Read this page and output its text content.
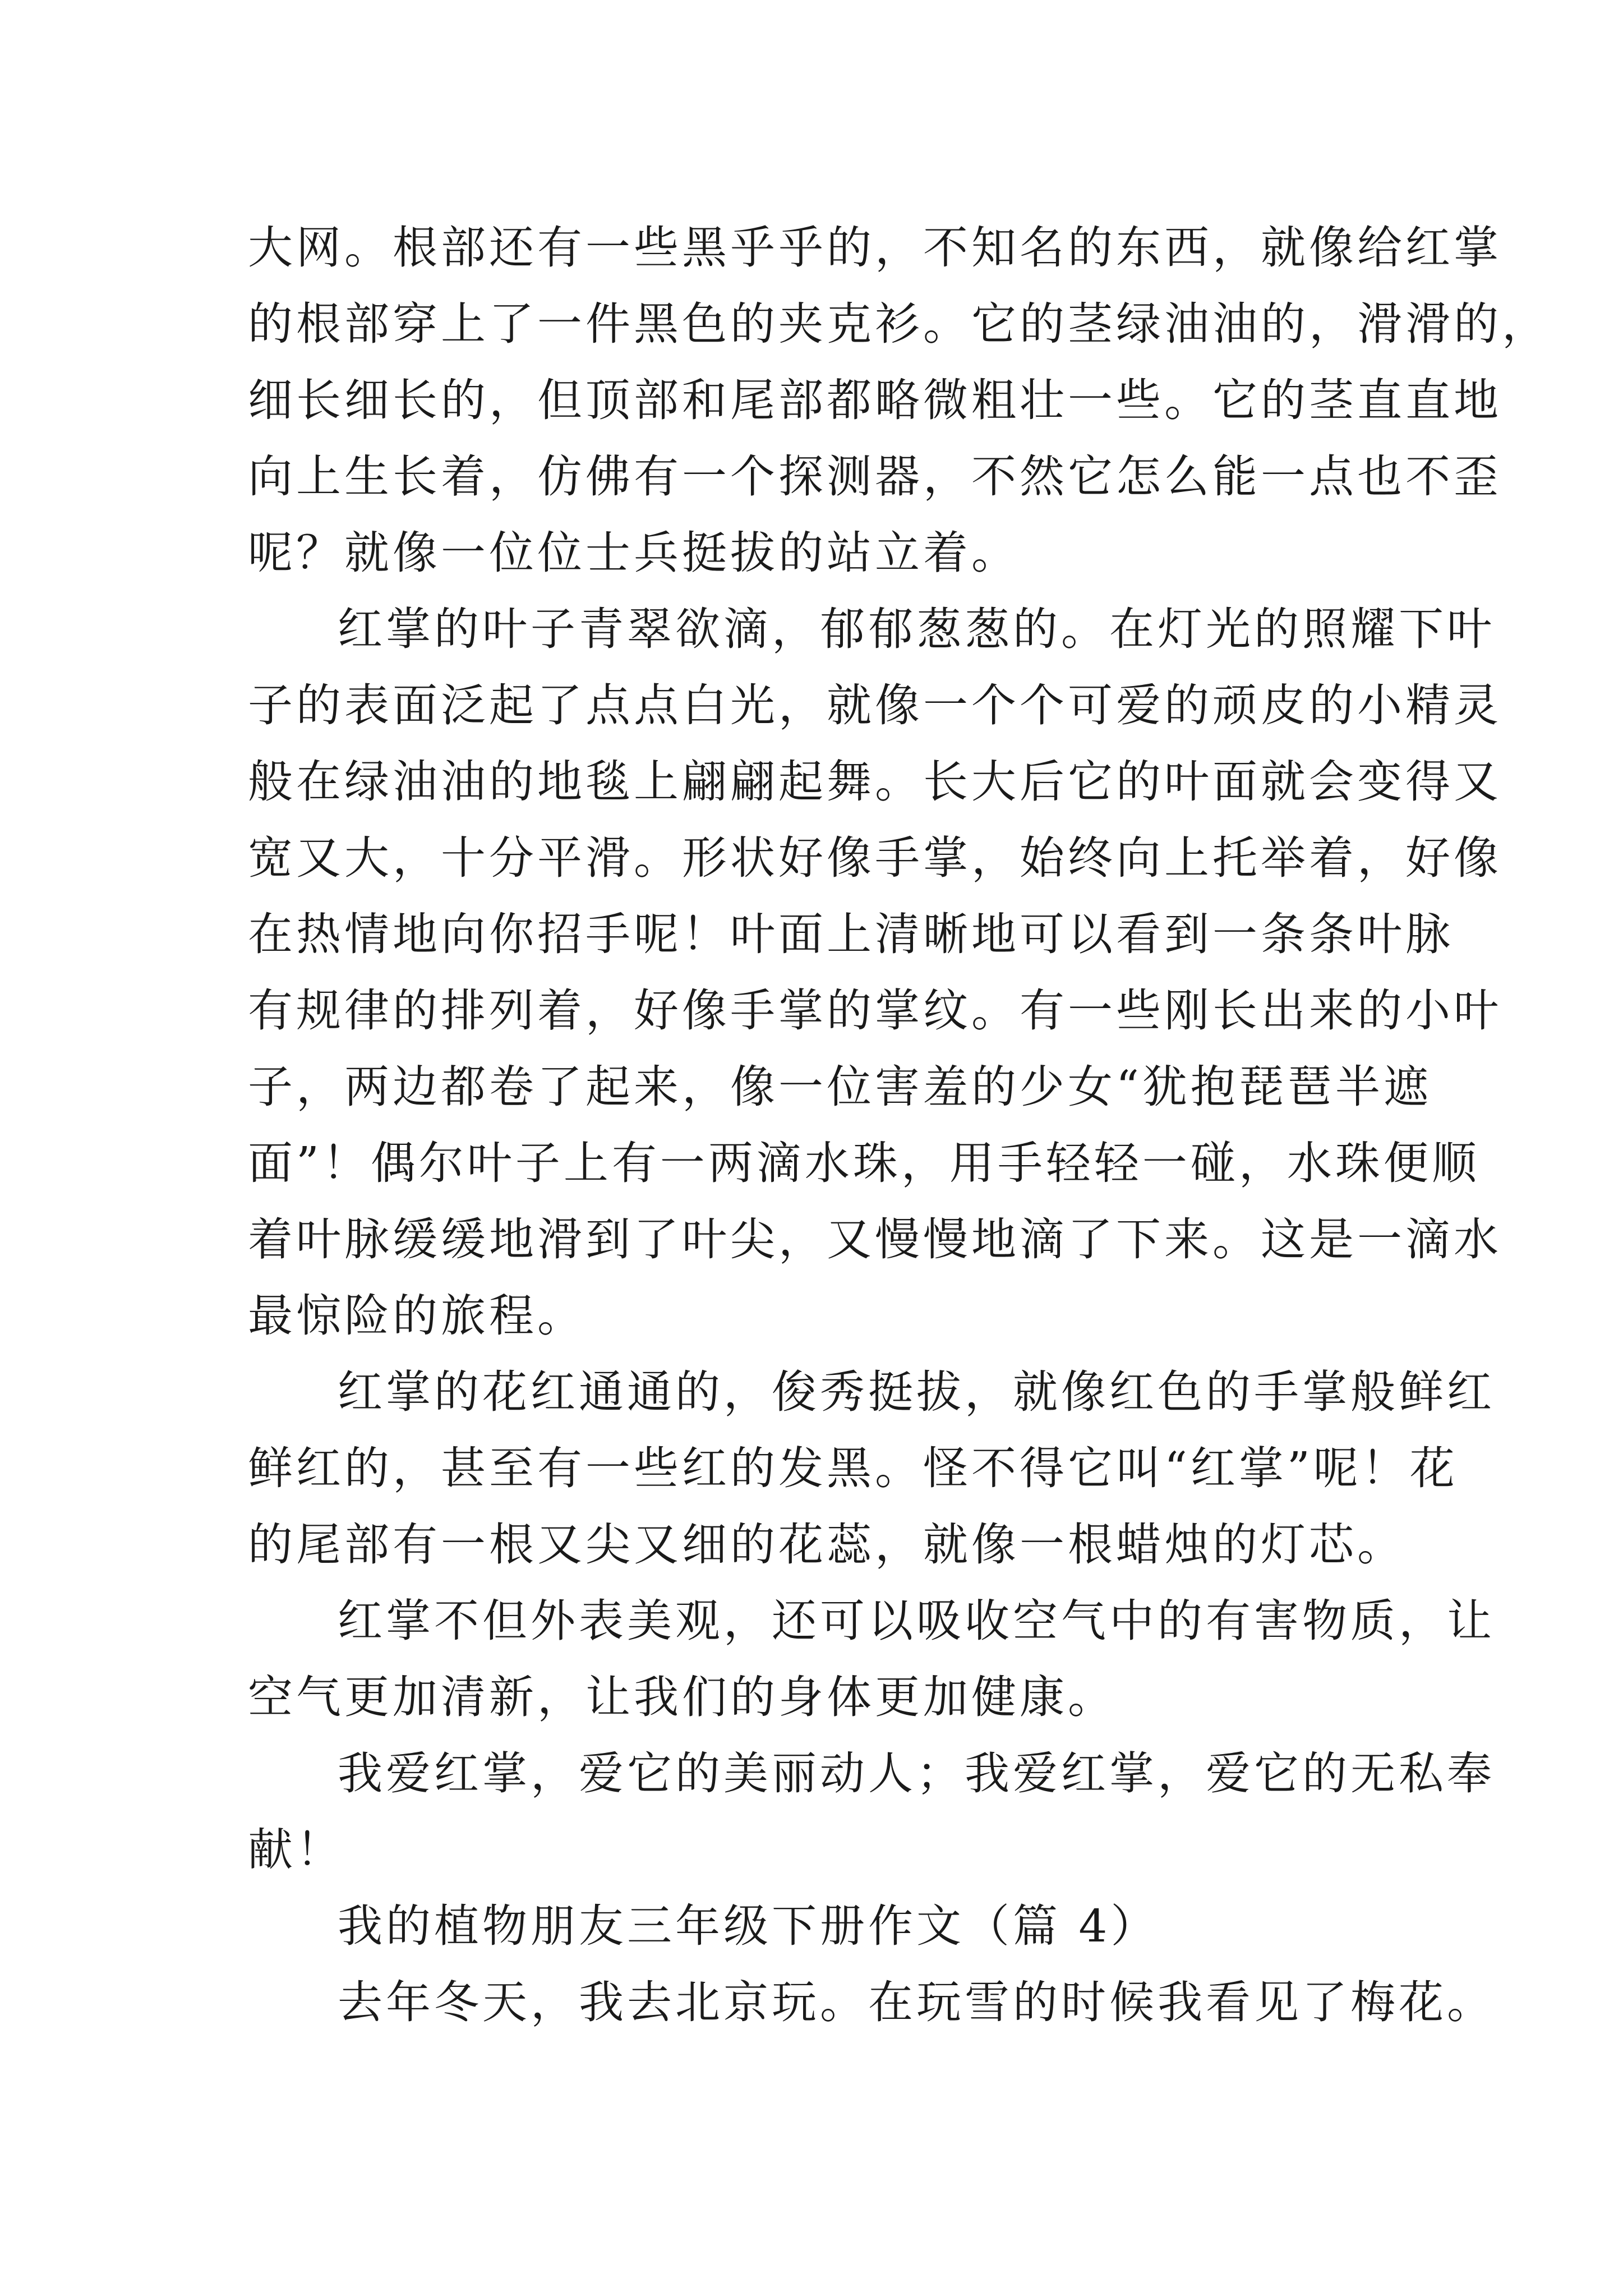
大网。根部还有一些黑乎乎的，不知名的东西，就像给红掌
的根部穿上了一件黑色的夹克衫。它的茎绿油油的，滑滑的，
细长细长的，但顶部和尾部都略微粗壮一些。它的茎直直地
向上生长着，仿佛有一个探测器，不然它怎么能一点也不歪
呢？就像一位位士兵挺拔的站立着。
红掌的叶子青翠欲滴，郁郁葱葱的。在灯光的照耀下叶
子的表面泛起了点点白光，就像一个个可爱的顽皮的小精灵
般在绿油油的地毯上翩翩起舞。长大后它的叶面就会变得又
宽又大，十分平滑。形状好像手掌，始终向上托举着，好像
在热情地向你招手呢！叶面上清晰地可以看到一条条叶脉
有规律的排列着，好像手掌的掌纹。有一些刚长出来的小叶
子，两边都卷了起来，像一位害羞的少女“犹抱琵琶半遮
面”！偶尔叶子上有一两滴水珠，用手轻轻一碰，水珠便顺
着叶脉缓缓地滑到了叶尖，又慢慢地滴了下来。这是一滴水
最惊险的旅程。
红掌的花红通通的，俊秀挺拔，就像红色的手掌般鲜红
鲜红的，甚至有一些红的发黑。怪不得它叫“红掌”呢！花
的尾部有一根又尖又细的花蕊，就像一根蜡烛的灯芯。
红掌不但外表美观，还可以吸收空气中的有害物质，让
空气更加清新，让我们的身体更加健康。
我爱红掌，爱它的美丽动人；我爱红掌，爱它的无私奉
献！
我的植物朋友三年级下册作文（篇 4）
去年冬天，我去北京玩。在玩雪的时候我看见了梅花。
